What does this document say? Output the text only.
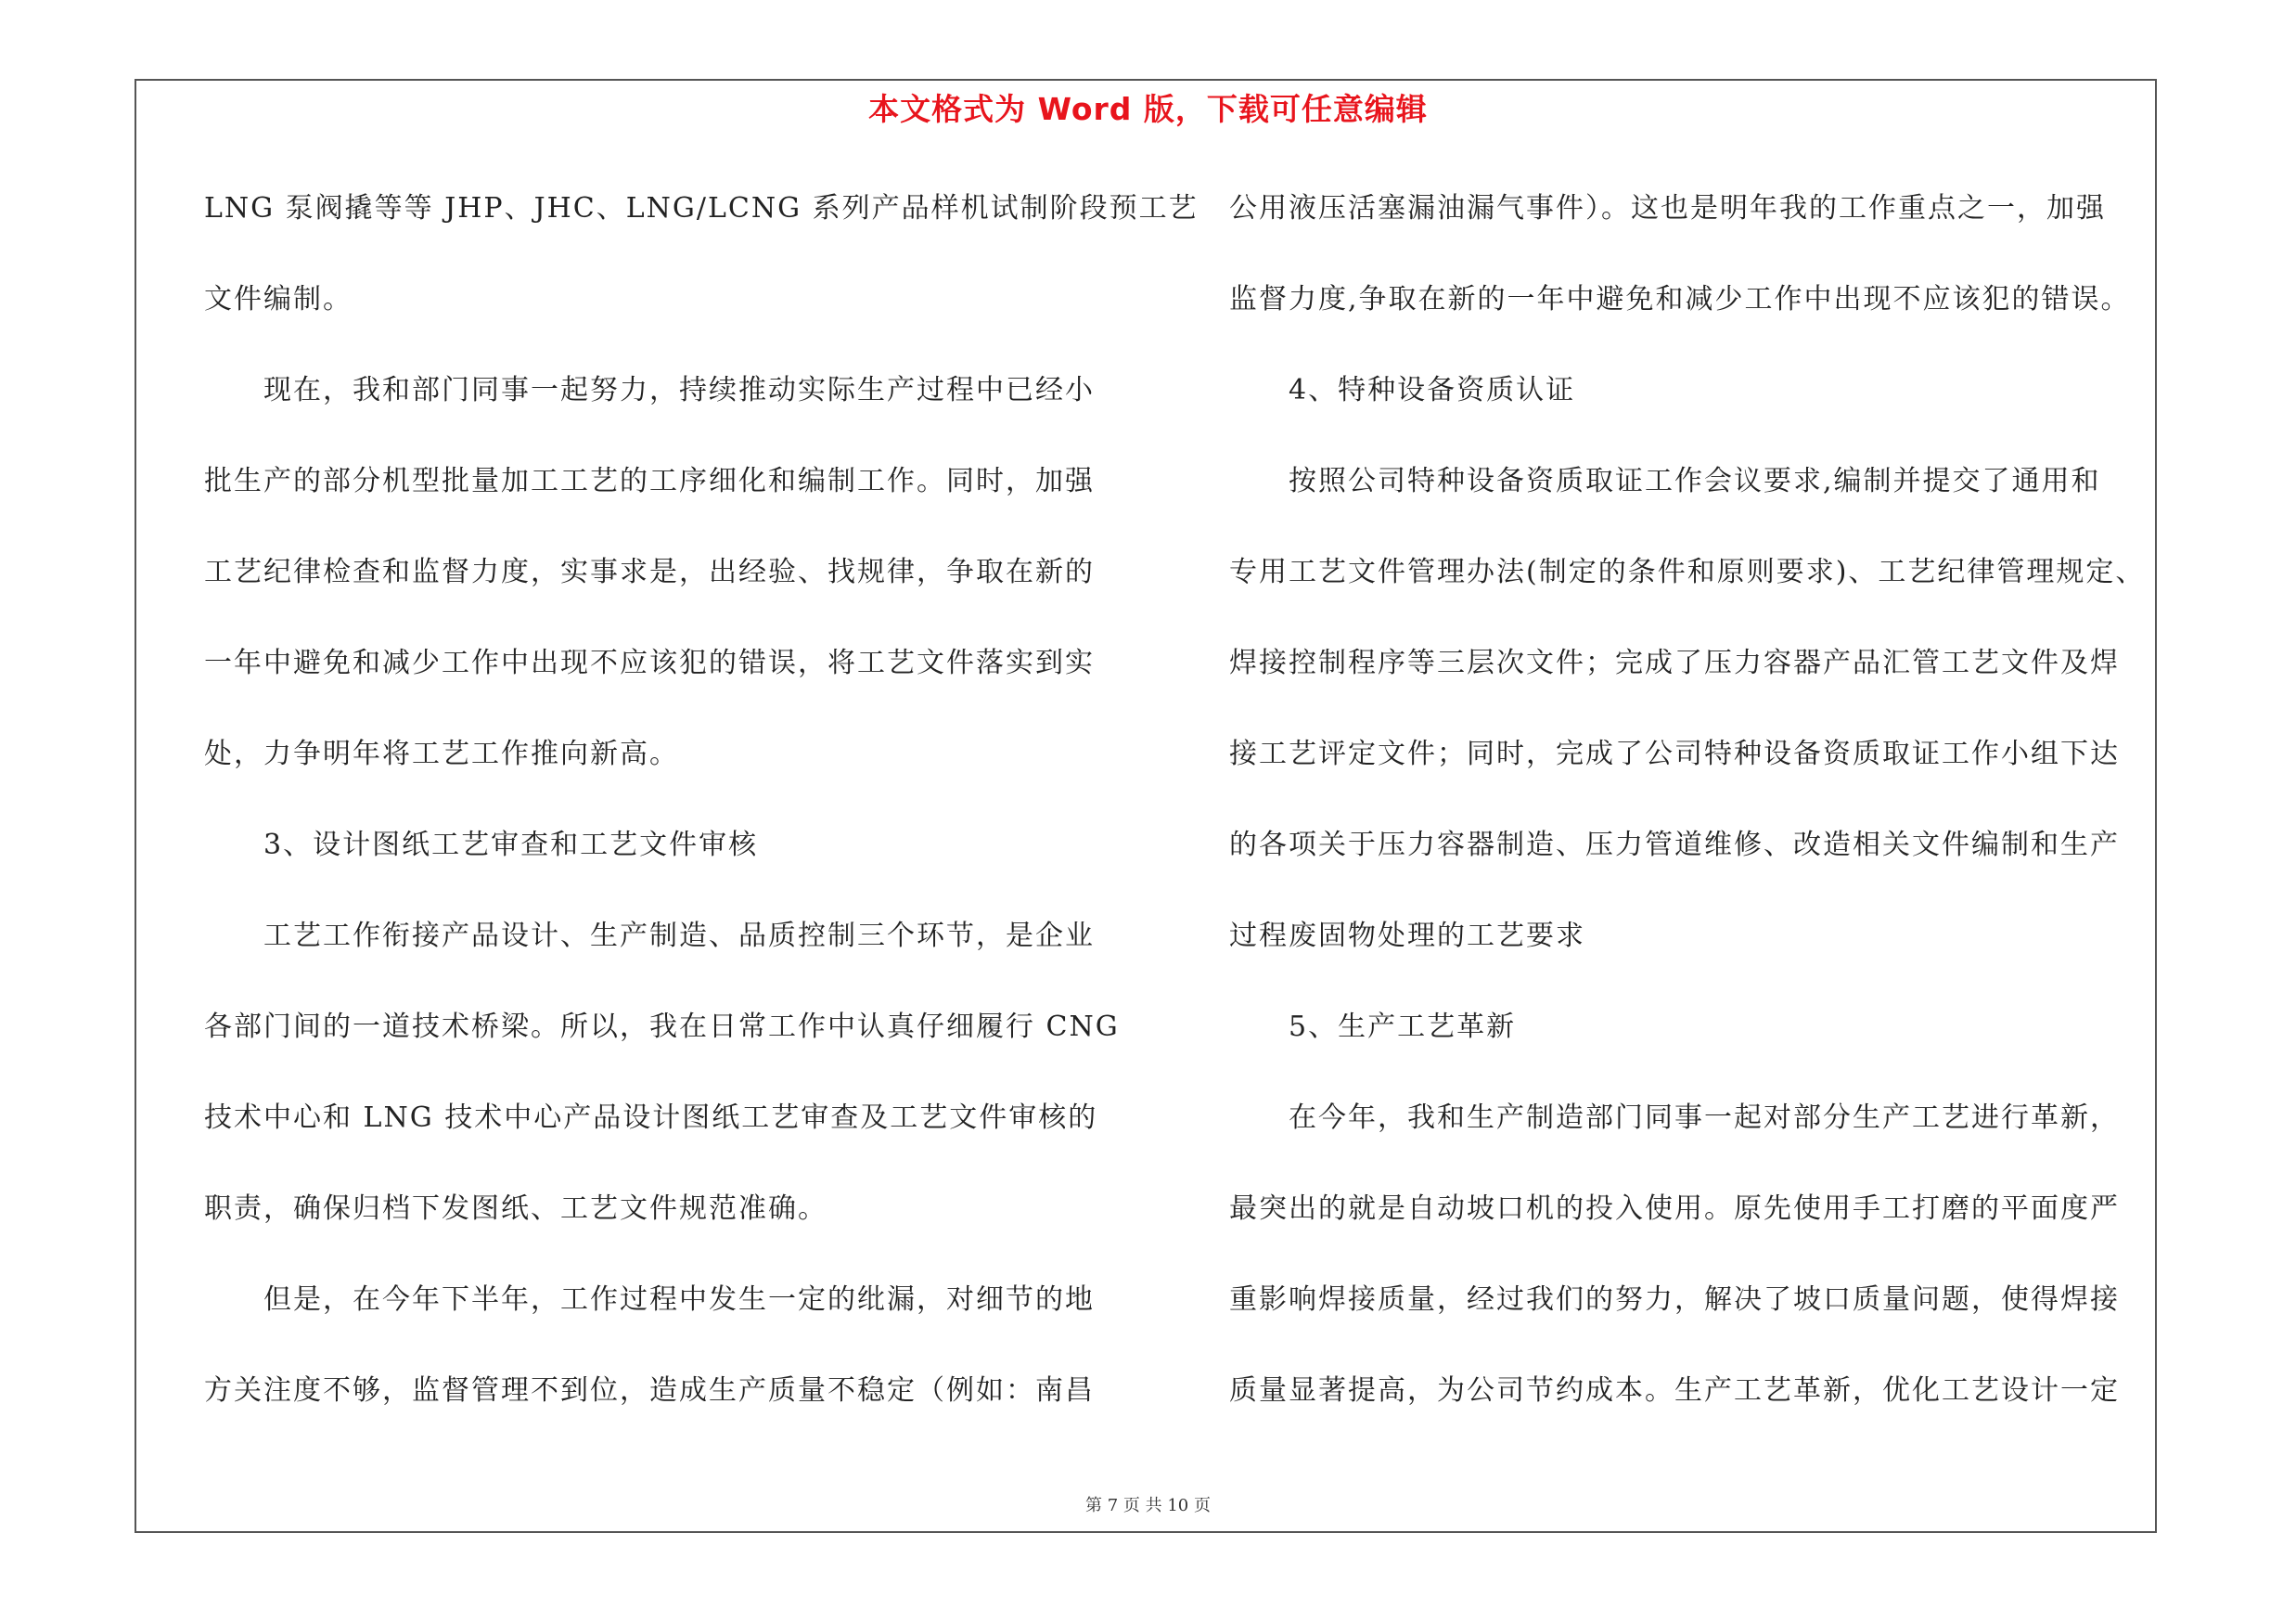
本文格式为 Word 版，下载可任意编辑
LNG 泵阀撬等等 JHP、JHC、LNG/LCNG 系列产品样机试制阶段预工艺
文件编制。
　　现在，我和部门同事一起努力，持续推动实际生产过程中已经小
批生产的部分机型批量加工工艺的工序细化和编制工作。同时，加强
工艺纪律检查和监督力度，实事求是，出经验、找规律，争取在新的
一年中避免和减少工作中出现不应该犯的错误，将工艺文件落实到实
处，力争明年将工艺工作推向新高。
　　3、设计图纸工艺审查和工艺文件审核
　　工艺工作衔接产品设计、生产制造、品质控制三个环节，是企业
各部门间的一道技术桥梁。所以，我在日常工作中认真仔细履行 CNG
技术中心和 LNG 技术中心产品设计图纸工艺审查及工艺文件审核的
职责，确保归档下发图纸、工艺文件规范准确。
　　但是，在今年下半年，工作过程中发生一定的纰漏，对细节的地
方关注度不够，监督管理不到位，造成生产质量不稳定（例如：南昌
公用液压活塞漏油漏气事件）。这也是明年我的工作重点之一，加强
监督力度,争取在新的一年中避免和减少工作中出现不应该犯的错误。
　　4、特种设备资质认证
　　按照公司特种设备资质取证工作会议要求,编制并提交了通用和
专用工艺文件管理办法(制定的条件和原则要求)、工艺纪律管理规定、
焊接控制程序等三层次文件；完成了压力容器产品汇管工艺文件及焊
接工艺评定文件；同时，完成了公司特种设备资质取证工作小组下达
的各项关于压力容器制造、压力管道维修、改造相关文件编制和生产
过程废固物处理的工艺要求
　　5、生产工艺革新
　　在今年，我和生产制造部门同事一起对部分生产工艺进行革新，
最突出的就是自动坡口机的投入使用。原先使用手工打磨的平面度严
重影响焊接质量，经过我们的努力，解决了坡口质量问题，使得焊接
质量显著提高，为公司节约成本。生产工艺革新，优化工艺设计一定
第 7 页 共 10 页
